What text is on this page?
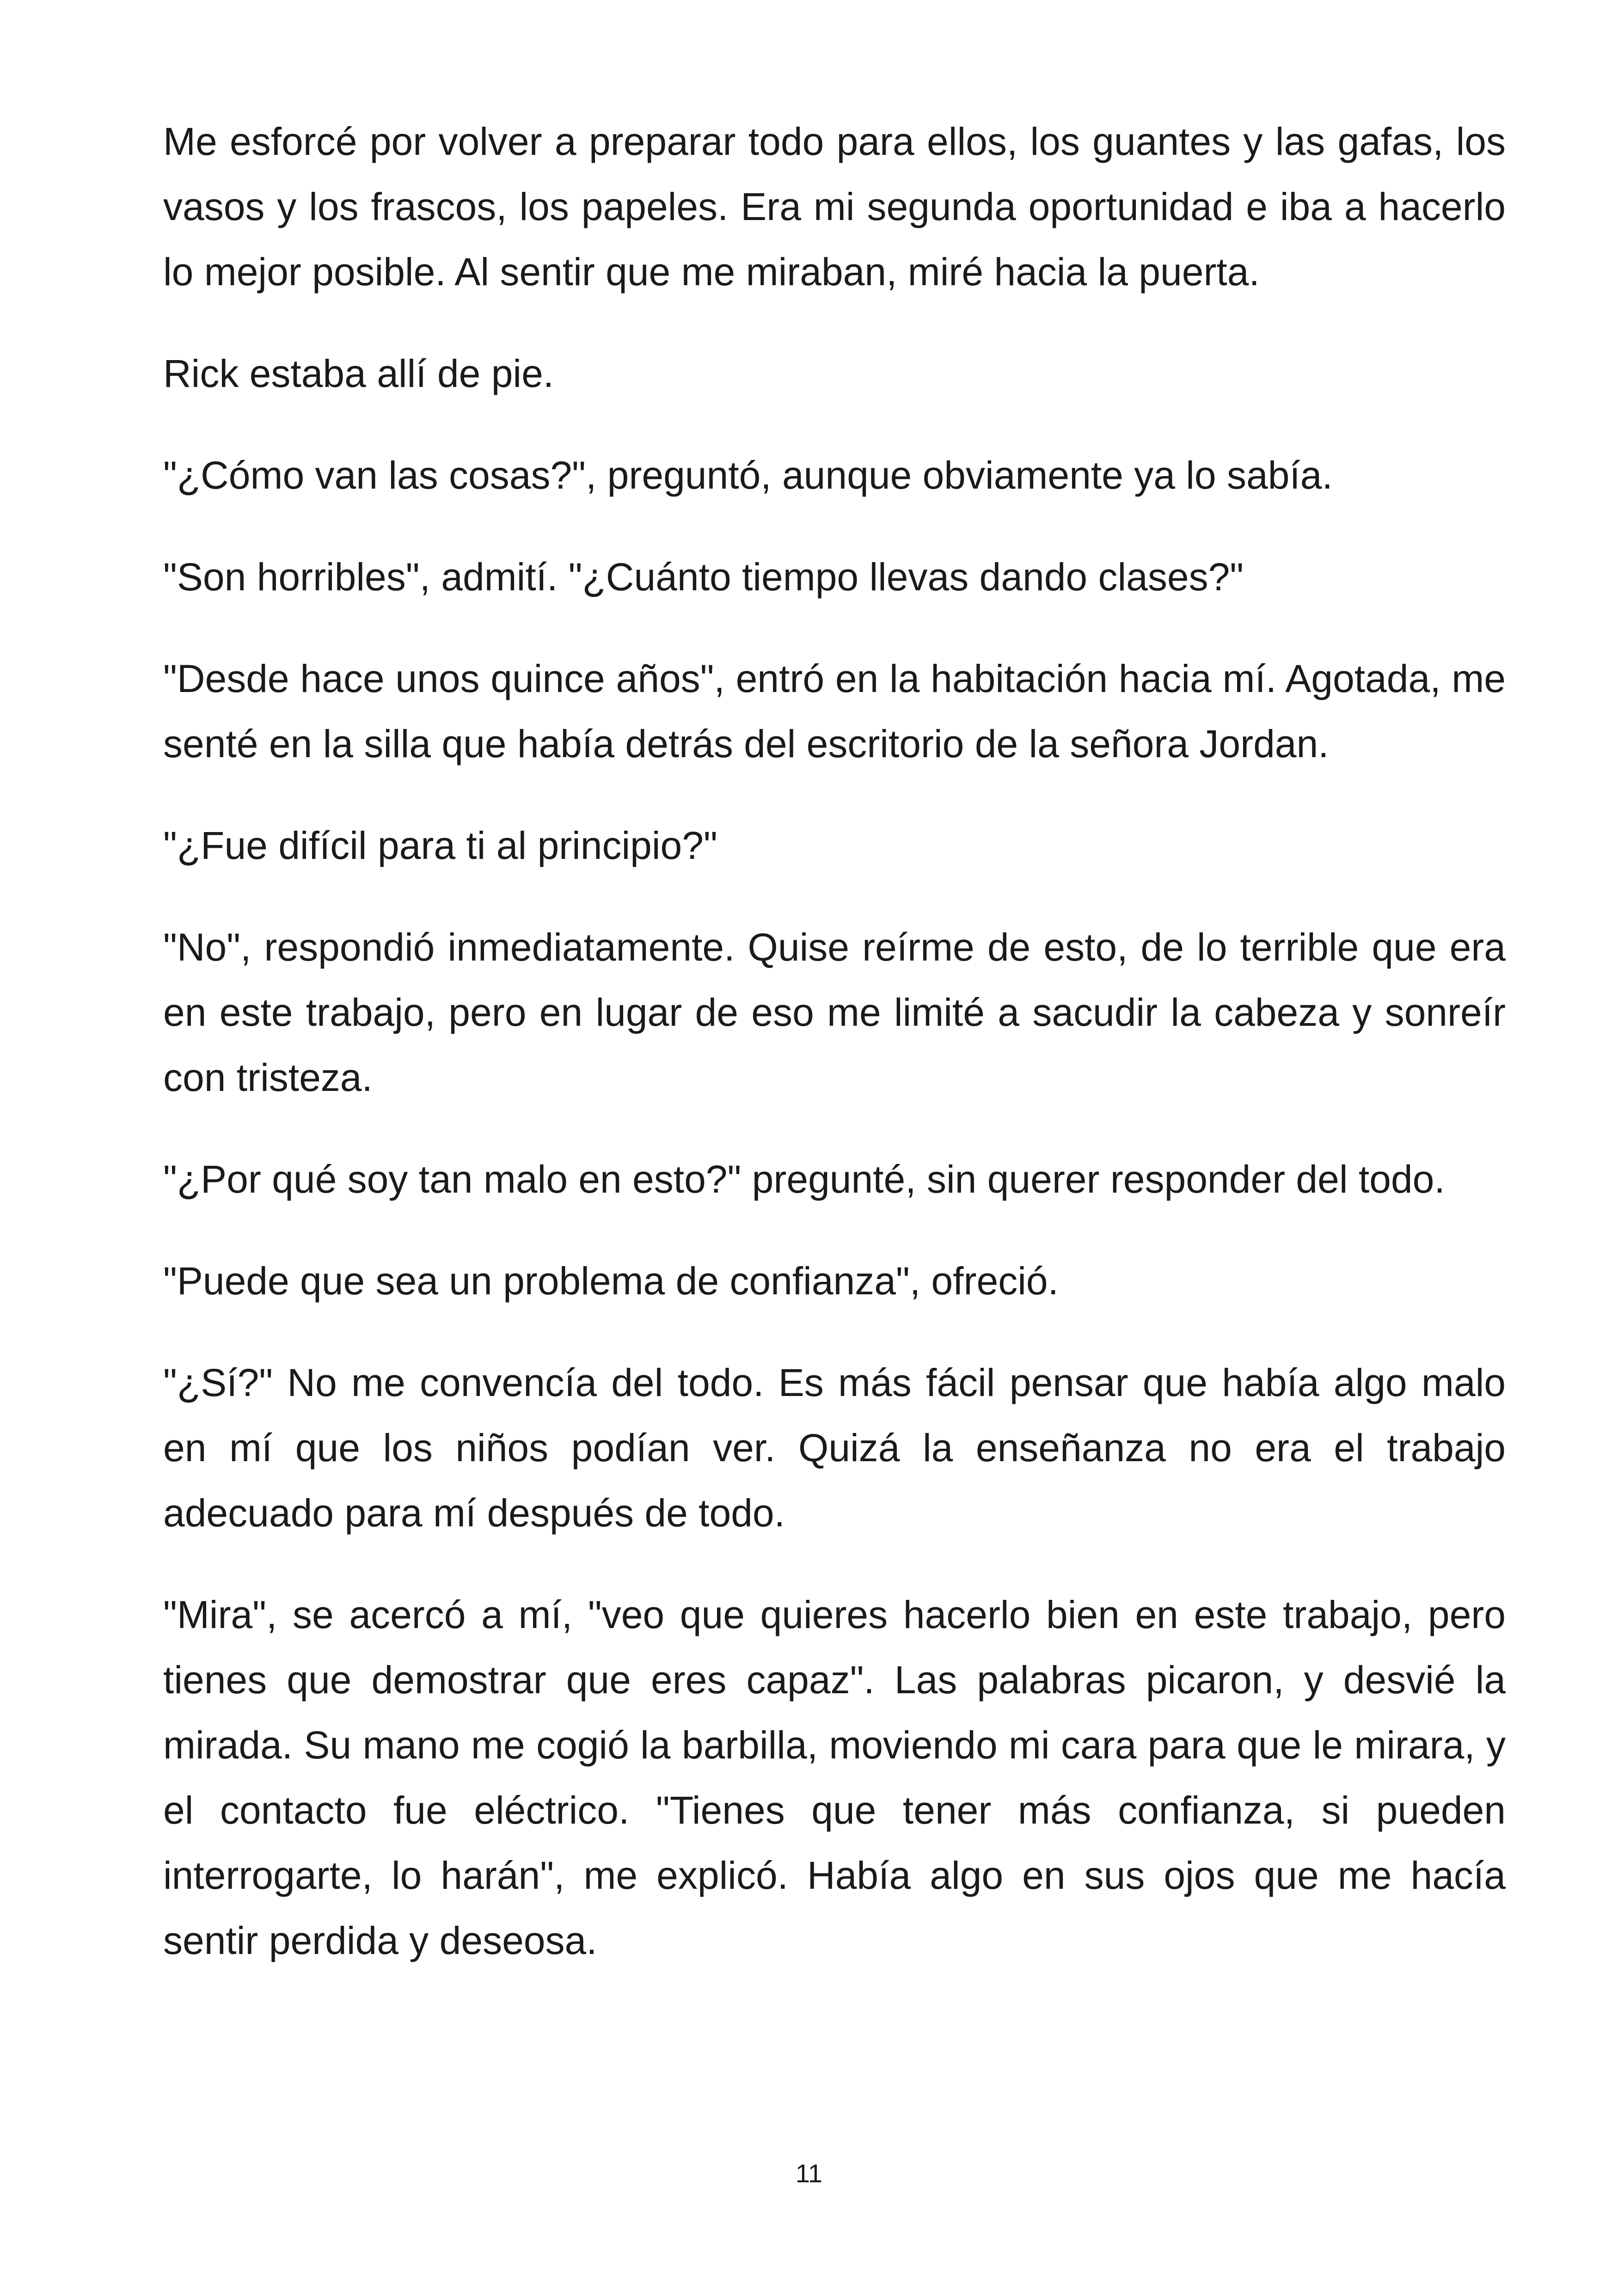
Me esforcé por volver a preparar todo para ellos, los guantes y las gafas, los vasos y los frascos, los papeles. Era mi segunda oportunidad e iba a hacerlo lo mejor posible. Al sentir que me miraban, miré hacia la puerta.

Rick estaba allí de pie.

"¿Cómo van las cosas?", preguntó, aunque obviamente ya lo sabía.

"Son horribles", admití. "¿Cuánto tiempo llevas dando clases?"

"Desde hace unos quince años", entró en la habitación hacia mí. Agotada, me senté en la silla que había detrás del escritorio de la señora Jordan.

"¿Fue difícil para ti al principio?"

"No", respondió inmediatamente. Quise reírme de esto, de lo terrible que era en este trabajo, pero en lugar de eso me limité a sacudir la cabeza y sonreír con tristeza.

"¿Por qué soy tan malo en esto?" pregunté, sin querer responder del todo.

"Puede que sea un problema de confianza", ofreció.

"¿Sí?" No me convencía del todo. Es más fácil pensar que había algo malo en mí que los niños podían ver. Quizá la enseñanza no era el trabajo adecuado para mí después de todo.

"Mira", se acercó a mí, "veo que quieres hacerlo bien en este trabajo, pero tienes que demostrar que eres capaz". Las palabras picaron, y desvié la mirada. Su mano me cogió la barbilla, moviendo mi cara para que le mirara, y el contacto fue eléctrico. "Tienes que tener más confianza, si pueden interrogarte, lo harán", me explicó. Había algo en sus ojos que me hacía sentir perdida y deseosa.

11
